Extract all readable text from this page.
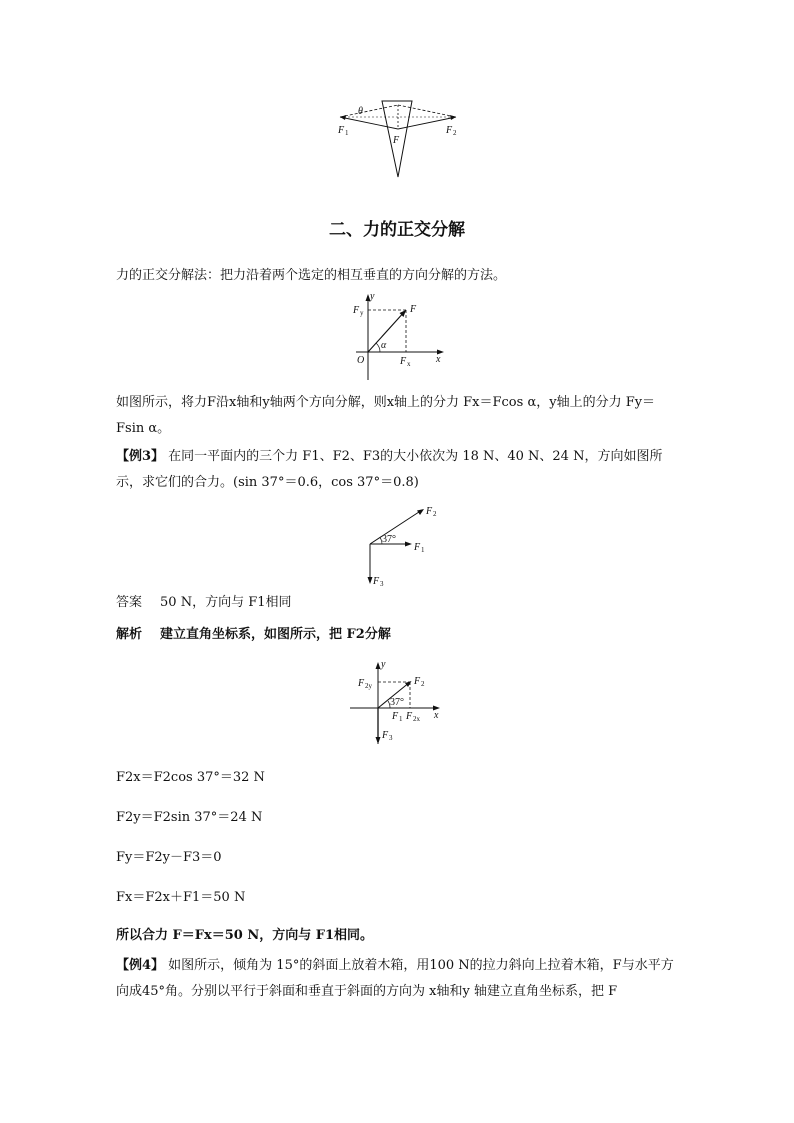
θ
F 1
F
F 2
二、力的正交分解

力的正交分解法：把力沿着两个选定的相互垂直的方向分解的方法。

y
x
O
F
F y
F x
α

如图所示，将力F沿x轴和y轴两个方向分解，则x轴上的分力 Fx＝Fcos α，y轴上的分力 Fy＝
Fsin α。

【例3】 在同一平面内的三个力 F1、F2、F3的大小依次为 18 N、40 N、24 N，方向如图所示，求它们的合力。(sin 37°＝0.6，cos 37°＝0.8)

F 2
F 1
F 3
37°

答案 50 N，方向与 F1相同

解析 建立直角坐标系，如图所示，把 F2分解

y
x
F 2y	F 2
37°
F 1 F 2x
F 3

F2x＝F2cos 37°＝32 N

F2y＝F2sin 37°＝24 N

Fy＝F2y－F3＝0

Fx＝F2x＋F1＝50 N

所以合力 F＝Fx＝50 N，方向与 F1相同。

【例4】 如图所示，倾角为 15°的斜面上放着木箱，用100 N的拉力斜向上拉着木箱，F与水平方向成45°角。分别以平行于斜面和垂直于斜面的方向为 x轴和y 轴建立直角坐标系，把 F
